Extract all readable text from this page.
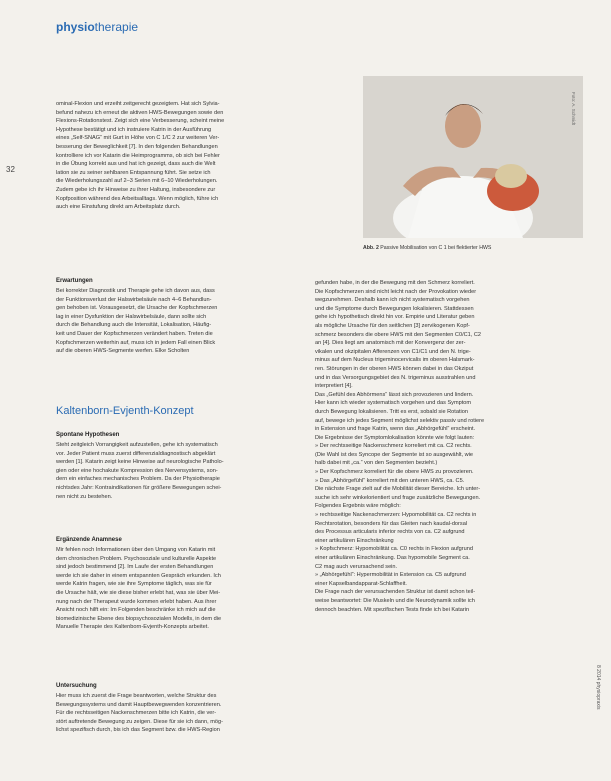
physiotherapie
32
8 2014 physiopraxis
Foto: A. Schmidt
Abb. 2 Passive Mobilisation von C 1 bei flektierter HWS
ominal-Flexion und erzeiht zeitgerecht gezeigtem. Hat sich Sylvia-
befund nahezu ich erneut die aktiven HWS-Bewegungen sowie den
Flexions-Rotationstest. Zeigt sich eine Verbesserung, scheint meine
Hypothese bestätigt und ich instruiere Katrin in der Ausführung
eines „Self-SNAG“ mit Gurt in Höhe von C 1/C 2 zur weiteren Ver-
besserung der Beweglichkeit [7]. In den folgenden Behandlungen
kontrolliere ich vor Katarin die Heimprogramms, ob sich bei Fehler
in die Übung korrekt aus und hat ich gezeigt, dass auch die Welt
lation sie zu seiner sehlbaren Entspannung führt. Sie setze ich
die Wiederholungszahl auf 2–3 Serien mit 6–10 Wiederholungen.
Zudem gebe ich ihr Hinweise zu ihrer Haltung, insbesondere zur
Kopfposition während des Arbeitsalltags. Wenn möglich, führe ich
auch eine Einstufung direkt am Arbeitsplatz durch.
Erwartungen
Bei korrekter Diagnostik und Therapie gehe ich davon aus, dass
der Funktionsverlust der Halswirbelsäule nach 4–6 Behandlun-
gen behoben ist. Vorausgesetzt, die Ursache der Kopfschmerzen
lag in einer Dysfunktion der Halswirbelsäule, dann sollte sich
durch die Behandlung auch die Intensität, Lokalisation, Häufig-
keit und Dauer der Kopfschmerzen verändert haben. Treten die
Kopfschmerzen weiterhin auf, muss ich in jedem Fall einen Blick
auf die oberen HWS-Segmente werfen. Elke Scholten
Kaltenborn-Evjenth-Konzept
Spontane Hypothesen
Steht zeitgleich Vorrangigkeit aufzustellen, gehe ich systematisch
vor. Jeder Patient muss zuerst differenzialdiagnostisch abgeklärt
werden [1]. Katarin zeigt keine Hinweise auf neurologische Patholo-
gien oder eine hochakute Kompression des Nervensystems, son-
dern ein einfaches mechanisches Problem. Da der Physiotherapie
nichtsdes Jahr: Kontraindikationen für größere Bewegungen schei-
nen nicht zu bestehen.
Ergänzende Anamnese
Mir fehlen noch Informationen über den Umgang von Katarin mit
dem chronischen Problem. Psychosoziale und kulturelle Aspekte
sind jedoch bestimmend [2]. Im Laufe der ersten Behandlungen
werde ich sie daher in einem entspannten Gespräch erkunden. Ich
werde Katrin fragen, wie sie ihre Symptome täglich, was sie für
die Ursache hält, wie sie diese bisher erlebt hat, was sie über Mei-
nung nach der Therapeut wurde kommen erlebt haben. Aus ihrer
Ansicht noch hilft ein: Im Folgenden beschränke ich mich auf die
biomedizinische Ebene des biopsychosozialen Modells, in dem die
Manuelle Therapie des Kaltenborn-Evjenth-Konzepts arbeitet.
Untersuchung
Hier muss ich zuerst die Frage beantworten, welche Struktur des
Bewegungssystems und damit Hauptbewegwenden konzentrieren.
Für die rechtsseitigen Nackenschmerzen bitte ich Katrin, die ver-
stört auftretende Bewegung zu zeigen. Diese für sie ich dann, mög-
lichst spezifisch durch, bis ich das Segment bzw. die HWS-Region
gefunden habe, in der die Bewegung mit den Schmerz korreliert.
Die Kopfschmerzen sind nicht leicht nach der Provokation wieder
wegzunehmen. Deshalb kann ich nicht systematisch vorgehen
und die Symptome durch Bewegungen lokalisieren. Stattdessen
gehe ich hypothetisch direkt hin vor. Empirie und Literatur geben
als mögliche Ursache für den seitlichen [3] zervikogenen Kopf-
schmerz besonders die obere HWS mit den Segmenten C0/C1, C2
an [4]. Dies liegt am anatomisch mit der Konvergenz der zer-
vikalen und okzipitalen Afferenzen von C1/C1 und den N. trige-
minus auf dem Nucleus trigeminocervicalis im oberen Halsmark-
ren. Störungen in der oberen HWS können dabei in das Okziput
und in das Versorgungsgebiet des N. trigeminus ausstrahlen und
interpretiert [4].
Das „Gefühl des Abhörmens“ lässt sich provozieren und lindern.
Hier kann ich wieder systematisch vorgehen und das Symptom
durch Bewegung lokalisieren. Tritt es erst, sobald sie Rotation
auf, bewege ich jedes Segment möglichst selektiv passiv und rotiere
in Extension und frage Katrin, wenn das „Abhörgefühl“ erscheint.
Die Ergebnisse der Symptomlokalisation könnte wie folgt lauten:
» Der rechtsseitige Nackenschmerz korreliert mit ca. C2 rechts.
(Die Wahl ist des Syncope der Segmente ist so ausgewählt, wie
halb dabei mit „ca.“ von den Segmenten bezieht.)
» Der Kopfschmerz korreliert für die obere HWS zu provozieren.
» Das „Abhörgefühl“ korreliert mit den unteren HWS, ca. C5.
Die nächste Frage zielt auf die Mobilität dieser Bereiche. Ich unter-
suche ich sehr winkelorientiert und frage zusätzliche Bewegungen.
Folgendes Ergebnis wäre möglich:
» rechtsseitige Nackenschmerzen: Hypomobilität ca. C2 rechts in
Rechtsrotation, besonders für das Gleiten nach kaudal-dorsal
des Processus articularis inferior rechts von ca. C2 aufgrund
einer artikulären Einschränkung
» Kopfschmerz: Hypomobilität ca. C0 rechts in Flexion aufgrund
einer artikulären Einschränkung. Das hypomobile Segment ca.
C2 mag auch verursachend sein.
» „Abhörgefühl“: Hypermobilität in Extension ca. C5 aufgrund
einer Kapselbandapparat-Schlaffheit.
Die Frage nach der verursachenden Struktur ist damit schon teil-
weise beantwortet: Die Muskeln und die Neurodynamik sollte ich
dennoch beachten. Mit spezifischen Tests finde ich bei Katarin
